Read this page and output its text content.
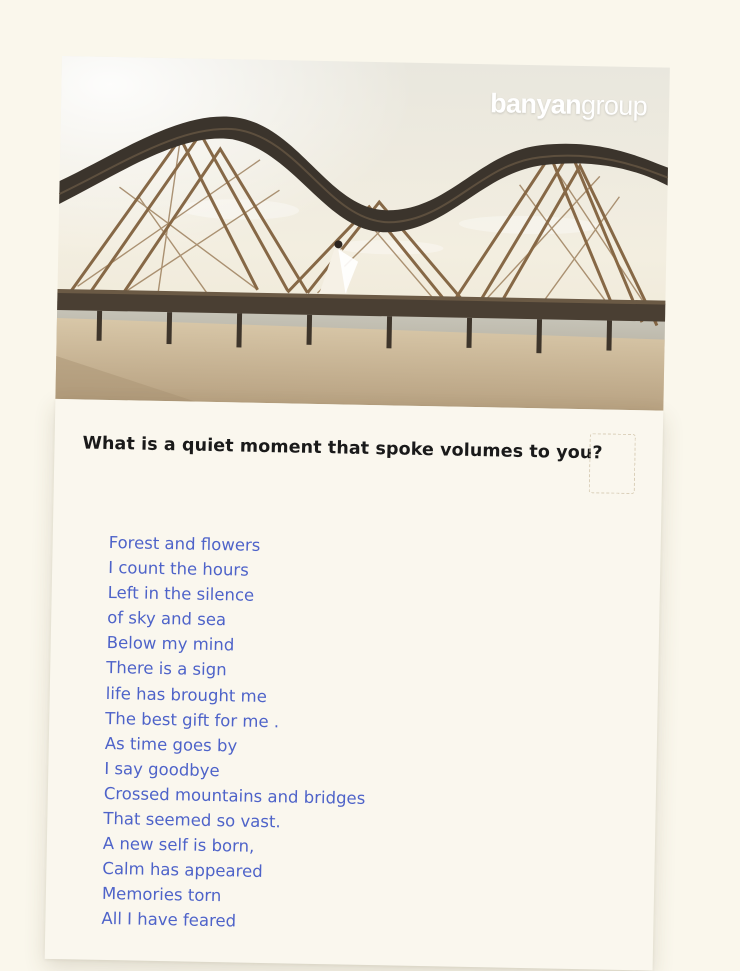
banyangroup
What is a quiet moment that spoke volumes to you?
Forest and flowers
I count the hours
Left in the silence
of sky and sea
Below my mind
There is a sign
life has brought me
The best gift for me .
As time goes by
I say goodbye
Crossed mountains and bridges
That seemed so vast.
A new self is born,
Calm has appeared
Memories torn
All I have feared
